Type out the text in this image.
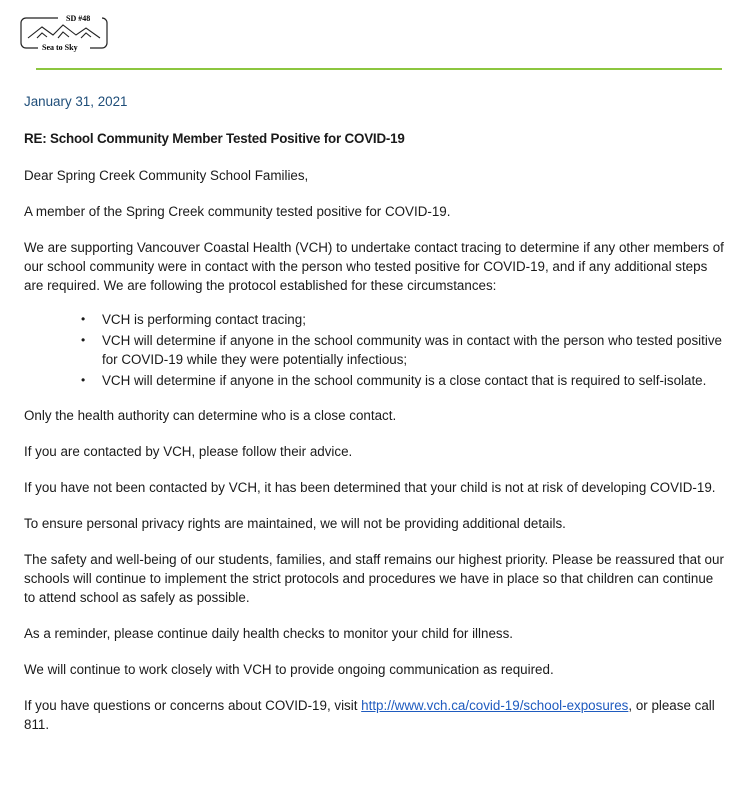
SD #48
Sea to Sky
January 31, 2021
RE: School Community Member Tested Positive for COVID-19

Dear Spring Creek Community School Families,

A member of the Spring Creek community tested positive for COVID-19.

We are supporting Vancouver Coastal Health (VCH) to undertake contact tracing to determine if any other members of our school community were in contact with the person who tested positive for COVID-19, and if any additional steps are required. We are following the protocol established for these circumstances:

• VCH is performing contact tracing;
• VCH will determine if anyone in the school community was in contact with the person who tested positive for COVID-19 while they were potentially infectious;
• VCH will determine if anyone in the school community is a close contact that is required to self-isolate.

Only the health authority can determine who is a close contact.

If you are contacted by VCH, please follow their advice.

If you have not been contacted by VCH, it has been determined that your child is not at risk of developing COVID-19.

To ensure personal privacy rights are maintained, we will not be providing additional details.

The safety and well-being of our students, families, and staff remains our highest priority. Please be reassured that our schools will continue to implement the strict protocols and procedures we have in place so that children can continue to attend school as safely as possible.

As a reminder, please continue daily health checks to monitor your child for illness.

We will continue to work closely with VCH to provide ongoing communication as required.

If you have questions or concerns about COVID-19, visit http://www.vch.ca/covid-19/school-exposures, or please call 811.
